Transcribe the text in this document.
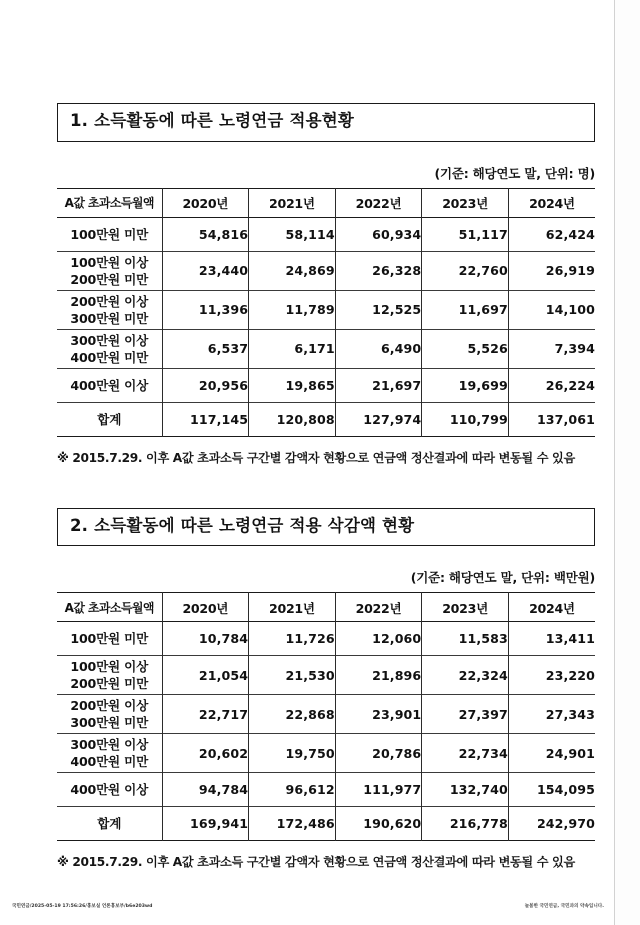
1. 소득활동에 따른 노령연금 적용현황
(기준: 해당연도 말, 단위: 명)
A값 초과소득월액	2020년	2021년	2022년	2023년	2024년

100만원 미만	54,816	58,114	60,934	51,117	62,424

100만원 이상
200만원 미만	23,440	24,869	26,328	22,760	26,919

200만원 이상
300만원 미만	11,396	11,789	12,525	11,697	14,100

300만원 이상
400만원 미만	6,537	6,171	6,490	5,526	7,394

400만원 이상	20,956	19,865	21,697	19,699	26,224

합계	117,145	120,808	127,974	110,799	137,061
※ 2015.7.29. 이후 A값 초과소득 구간별 감액자 현황으로 연금액 정산결과에 따라 변동될 수 있음
2. 소득활동에 따른 노령연금 적용 삭감액 현황
(기준: 해당연도 말, 단위: 백만원)
A값 초과소득월액	2020년	2021년	2022년	2023년	2024년

100만원 미만	10,784	11,726	12,060	11,583	13,411

100만원 이상
200만원 미만	21,054	21,530	21,896	22,324	23,220

200만원 이상
300만원 미만	22,717	22,868	23,901	27,397	27,343

300만원 이상
400만원 미만	20,602	19,750	20,786	22,734	24,901

400만원 이상	94,784	96,612	111,977	132,740	154,095

합계	169,941	172,486	190,620	216,778	242,970
※ 2015.7.29. 이후 A값 초과소득 구간별 감액자 현황으로 연금액 정산결과에 따라 변동될 수 있음
국민연금/2025-05-19 17:56:26/홍보실 언론홍보부/b6e203wd	늘봄한 국민연금, 국민과의 약속입니다.
